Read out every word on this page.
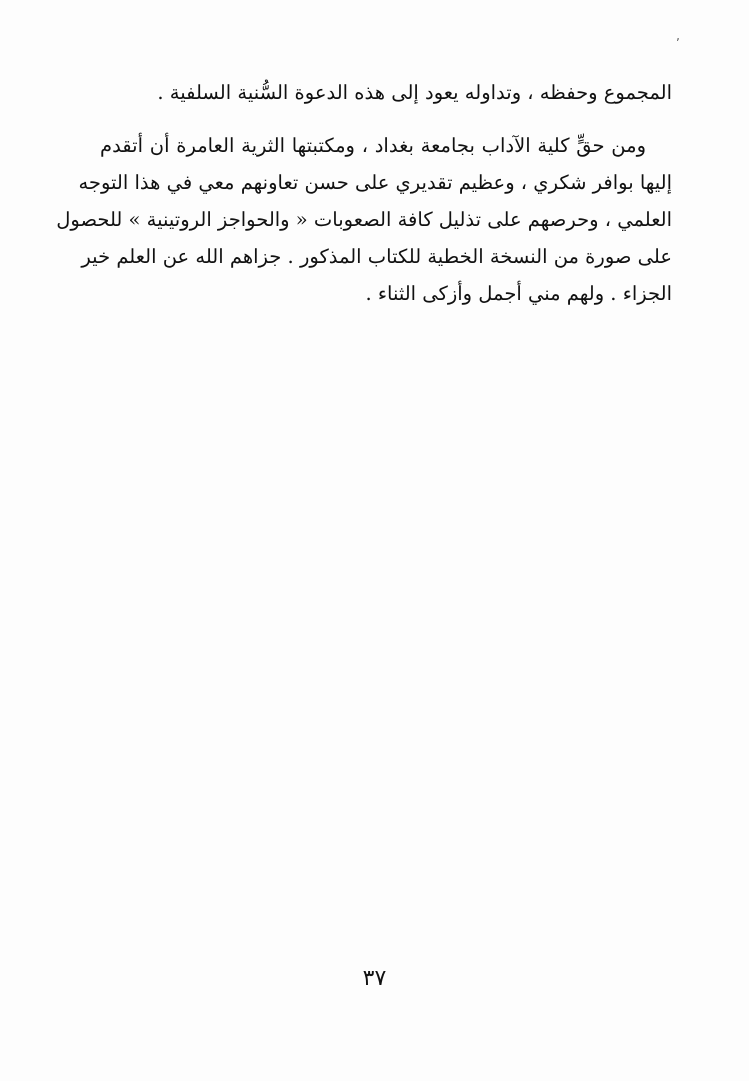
ʼ
المجموع وحفظه ، وتداوله يعود إلى هذه الدعوة السُّنية السلفية .
ومن حقٍّ كلية الآداب بجامعة بغداد ، ومكتبتها الثرية العامرة أن أتقدم
إليها بوافر شكري ، وعظيم تقديري على حسن تعاونهم معي في هذا التوجه
العلمي ، وحرصهم على تذليل كافة الصعوبات « والحواجز الروتينية » للحصول
على صورة من النسخة الخطية للكتاب المذكور . جزاهم الله عن العلم خير
الجزاء . ولهم مني أجمل وأزكى الثناء .
٣٧
